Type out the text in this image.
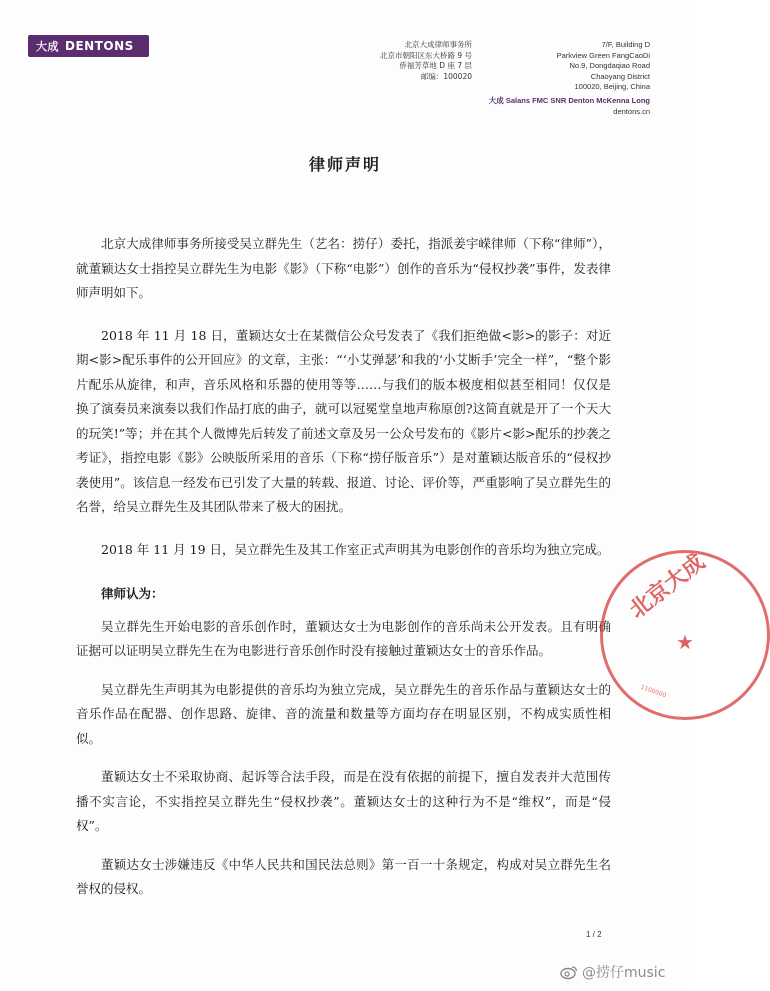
大成 DENTONS	北京大成律师事务所
北京市朝阳区东大桥路 9 号
侨福芳草地 D 座 7 层
邮编：100020
7/F, Building D
Parkview Green FangCaoDi
No.9, Dongdaqiao Road
Chaoyang District
100020, Beijing, China
大成 Salans FMC SNR Denton McKenna Long
dentons.cn
律师声明

北京大成律师事务所接受吴立群先生（艺名：捞仔）委托，指派姜宇嵘律师（下称“律师”），就董颖达女士指控吴立群先生为电影《影》（下称“电影”）创作的音乐为“侵权抄袭”事件，发表律师声明如下。

2018 年 11 月 18 日，董颖达女士在某微信公众号发表了《我们拒绝做<影>的影子：对近期<影>配乐事件的公开回应》的文章，主张：“‘小艾弹瑟’和我的‘小艾断手’完全一样”，“整个影片配乐从旋律，和声，音乐风格和乐器的使用等等……与我们的版本极度相似甚至相同！仅仅是换了演奏员来演奏以我们作品打底的曲子，就可以冠冕堂皇地声称原创?这简直就是开了一个天大的玩笑!”等；并在其个人微博先后转发了前述文章及另一公众号发布的《影片<影>配乐的抄袭之考证》，指控电影《影》公映版所采用的音乐（下称“捞仔版音乐”）是对董颖达版音乐的“侵权抄袭使用”。该信息一经发布已引发了大量的转载、报道、讨论、评价等，严重影响了吴立群先生的名誉，给吴立群先生及其团队带来了极大的困扰。

2018 年 11 月 19 日，吴立群先生及其工作室正式声明其为电影创作的音乐均为独立完成。

律师认为：

吴立群先生开始电影的音乐创作时，董颖达女士为电影创作的音乐尚未公开发表。且有明确证据可以证明吴立群先生在为电影进行音乐创作时没有接触过董颖达女士的音乐作品。

吴立群先生声明其为电影提供的音乐均为独立完成，吴立群先生的音乐作品与董颖达女士的音乐作品在配器、创作思路、旋律、音的流量和数量等方面均存在明显区别，不构成实质性相似。

董颖达女士不采取协商、起诉等合法手段，而是在没有依据的前提下，擅自发表并大范围传播不实言论，不实指控吴立群先生“侵权抄袭”。董颖达女士的这种行为不是“维权”，而是“侵权”。

董颖达女士涉嫌违反《中华人民共和国民法总则》第一百一十条规定，构成对吴立群先生名誉权的侵权。

北京大成
★
1100000
1 / 2
@捞仔music
